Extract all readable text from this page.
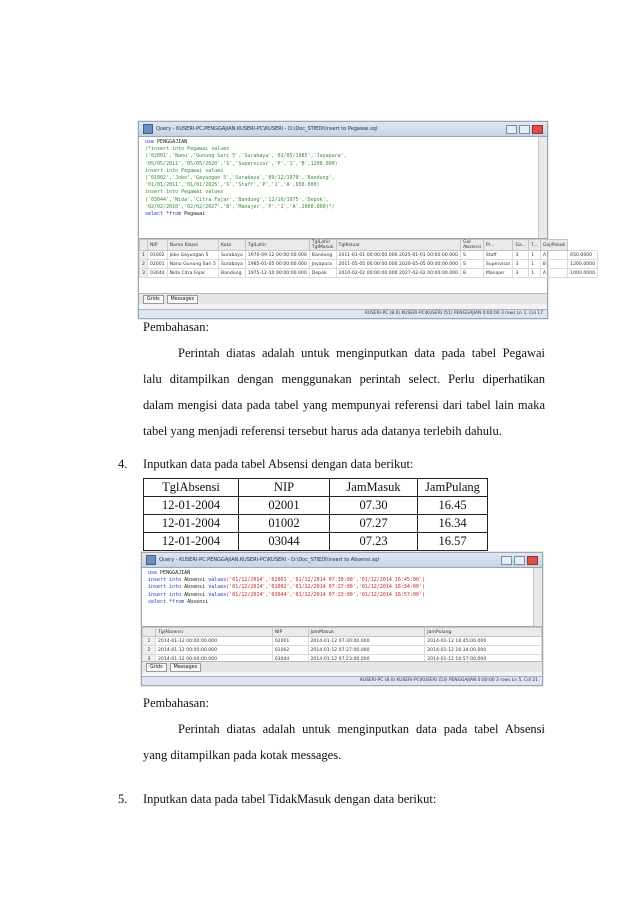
Query - KUSERI-PC.PENGGAJIAN.KUSERI-PC\KUSERI - D:\Doc_STIEDI\insert to Pegawai.sql
use PENGGAJIAN
/*insert into Pegawai values
('02001','Nanu','Gunung Sari 5','Surabaya','01/05/1985','Jayapura',
'05/05/2011','05/05/2020','S','Supervisor','P','1','B',1200.000)
insert into Pegawai values
('01002','Joko','Gayungan 5','Surabaya','09/12/1970','Bandung',
'01/01/2011','01/01/2025','S','Staff','P','1','A',650.000)
insert into Pegawai values
('03044','Nida','Citra Fajar','Bandung','12/10/1975','Depok',
'02/02/2010','02/02/2027','B','Manajer','P','1','A',1000.000)*/
select *from Pegawai
	NIP	Nama Klasei	Kota	TglLahir	TglLahir TglMasuk	TglKeluar	Gol Absensi	Pr...	Ga...	T...	GajiPokok	
1	01002	Joko Gayungan 5	Surabaya	1970-09-12 00:00:00.000	Bandung	2011-01-01 00:00:00.000 2025-01-01 00:00:00.000	S	Staff	3	1	A	650.0000
2	02001	Nanu Gunung Sari 5	Surabaya	1985-01-05 00:00:00.000	Jayapura	2011-05-05 00:00:00.000 2020-05-05 00:00:00.000	S	Supervisor	3	1	B	1200.0000
3	03044	Nida Citra Fajar	Bandung	1975-12-10 00:00:00.000	Depok	2010-02-02 00:00:00.000 2027-02-02 00:00:00.000	B	Manajer	3	1	A	1000.0000
Grids	Messages
KUSERI-PC (8.0) KUSERI-PC\KUSERI (51) PENGGAJIAN 0:00:00 3 rows Ln 1, Col 17
Pembahasan:
Perintah diatas adalah untuk menginputkan data pada tabel Pegawai
lalu ditampilkan dengan menggunakan perintah select. Perlu diperhatikan
dalam mengisi data pada tabel yang mempunyai referensi dari tabel lain maka
tabel yang menjadi referensi tersebut harus ada datanya terlebih dahulu.
4. Inputkan data pada tabel Absensi dengan data berikut:
TglAbsensi	NIP	JamMasuk	JamPulang
12-01-2004	02001	07.30	16.45
12-01-2004	01002	07.27	16.34
12-01-2004	03044	07.23	16.57
Query - KUSERI-PC.PENGGAJIAN.KUSERI-PC\KUSERI - D:\Doc_STIEDI\insert to Absensi.sql
use PENGGAJIAN
insert into Absensi values('01/12/2014','02001','01/12/2014 07:30:00','01/12/2014 16:45:00')
insert into Absensi values('01/12/2014','01002','01/12/2014 07:27:00','01/12/2014 16:34:00')
insert into Absensi values('01/12/2014','03044','01/12/2014 07:23:00','01/12/2014 16:57:00')
select *from Absensi
	TglAbsensi	NIP	JamMasuk	JamPulang
1	2014-01-12 00:00:00.000	02001	2014-01-12 07:30:00.000	2014-01-12 16:45:00.000
2	2014-01-12 00:00:00.000	01002	2014-01-12 07:27:00.000	2014-01-12 16:34:00.000
3	2014-01-12 00:00:00.000	03044	2014-01-12 07:23:00.000	2014-01-12 16:57:00.000
Grids	Messages
KUSERI-PC (8.0) KUSERI-PC\KUSERI (53) PENGGAJIAN 0:00:00 3 rows Ln 5, Col 21
Pembahasan:
Perintah diatas adalah untuk menginputkan data pada tabel Absensi
yang ditampilkan pada kotak messages.
5. Inputkan data pada tabel TidakMasuk dengan data berikut:
